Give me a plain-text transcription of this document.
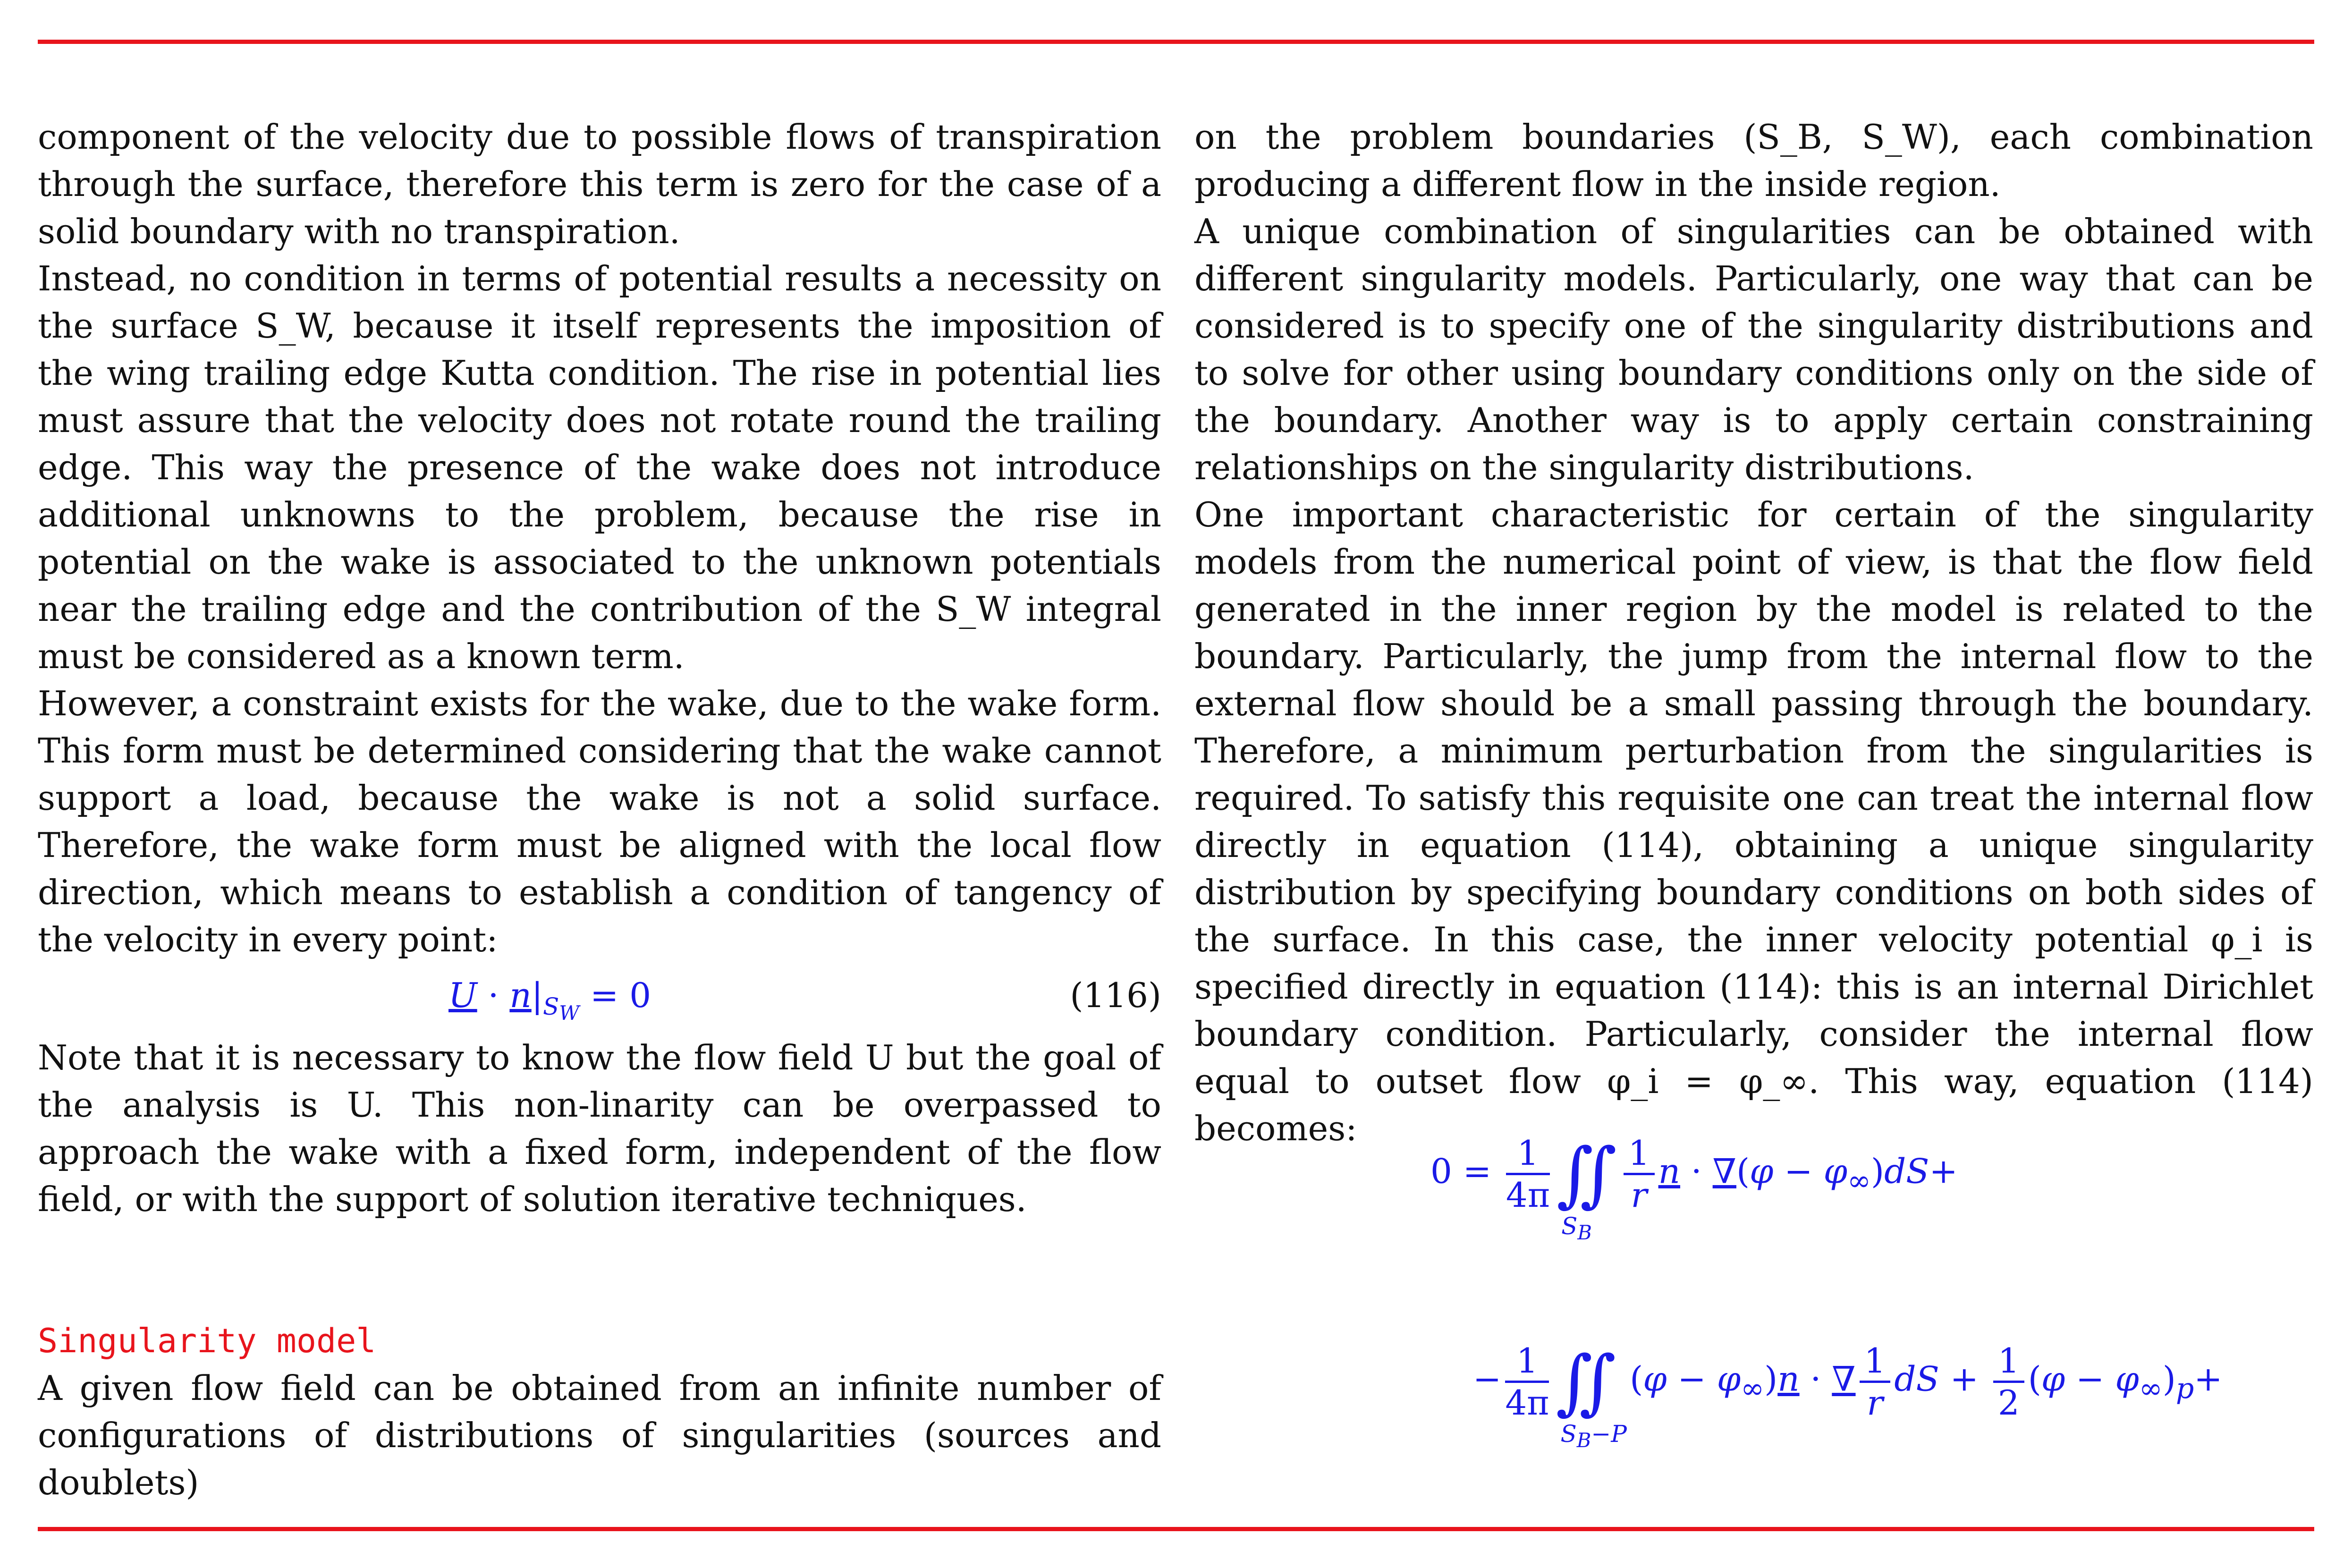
component of the velocity due to possible flows of transpiration through the surface, therefore this term is zero for the case of a solid boundary with no transpiration.

Instead, no condition in terms of potential results a necessity on the surface S_W, because it itself represents the imposition of the wing trailing edge Kutta condition. The rise in potential lies must assure that the velocity does not rotate round the trailing edge. This way the presence of the wake does not introduce additional unknowns to the problem, because the rise in potential on the wake is associated to the unknown potentials near the trailing edge and the contribution of the S_W integral must be considered as a known term.

However, a constraint exists for the wake, due to the wake form. This form must be determined considering that the wake cannot support a load, because the wake is not a solid surface. Therefore, the wake form must be aligned with the local flow direction, which means to establish a condition of tangency of the velocity in every point:

$U \cdot n|_{S_W} = 0$	(116)

Note that it is necessary to know the flow field U but the goal of the analysis is U. This non-linarity can be overpassed to approach the wake with a fixed form, independent of the flow field, or with the support of solution iterative techniques.

Singularity model

A given flow field can be obtained from an infinite number of configurations of distributions of singularities (sources and doublets)

on the problem boundaries (S_B, S_W), each combination producing a different flow in the inside region.

A unique combination of singularities can be obtained with different singularity models. Particularly, one way that can be considered is to specify one of the singularity distributions and to solve for other using boundary conditions only on the side of the boundary. Another way is to apply certain constraining relationships on the singularity distributions.

One important characteristic for certain of the singularity models from the numerical point of view, is that the flow field generated in the inner region by the model is related to the boundary. Particularly, the jump from the internal flow to the external flow should be a small passing through the boundary. Therefore, a minimum perturbation from the singularities is required. To satisfy this requisite one can treat the internal flow directly in equation (114), obtaining a unique singularity distribution by specifying boundary conditions on both sides of the surface. In this case, the inner velocity potential φ_i is specified directly in equation (114): this is an internal Dirichlet boundary condition. Particularly, consider the internal flow equal to outset flow φ_i = φ_∞. This way, equation (114) becomes:

$0 = \frac{1}{4\pi}$ ∬
$S_B$
$\frac{1}{r}$ $n \cdot \nabla(\varphi - \varphi_\infty)dS+$
− $\frac{1}{4\pi}$ ∬
$S_B-P$
$(\varphi - \varphi_\infty)n$ · ∇ $\frac{1}{r}$ dS + $\frac{1}{2} (\varphi - \varphi_\infty)_p+$
